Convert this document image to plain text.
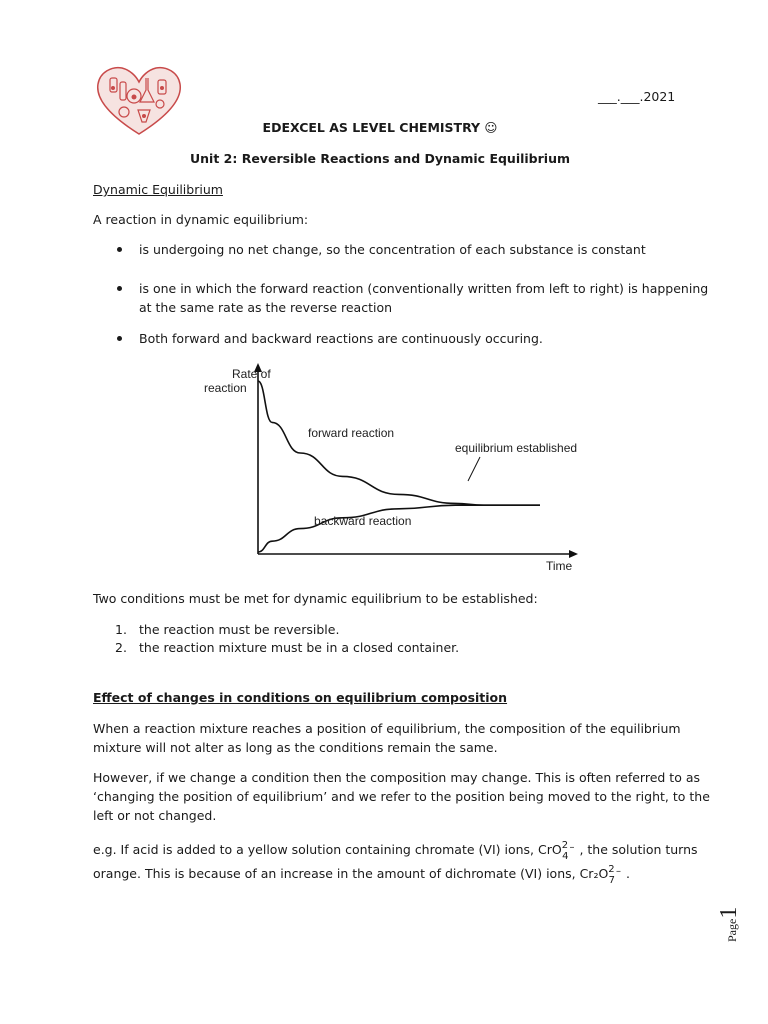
___.___.2021
EDEXCEL AS LEVEL CHEMISTRY ☺
Unit 2: Reversible Reactions and Dynamic Equilibrium
Dynamic Equilibrium
A reaction in dynamic equilibrium:
is undergoing no net change, so the concentration of each substance is constant
is one in which the forward reaction (conventionally written from left to right) is happening
at the same rate as the reverse reaction
Both forward and backward reactions are continuously occuring.
Rate of
reaction
Time
forward reaction
backward reaction
equilibrium established
Two conditions must be met for dynamic equilibrium to be established:
1. the reaction must be reversible.
2. the reaction mixture must be in a closed container.
Effect of changes in conditions on equilibrium composition
When a reaction mixture reaches a position of equilibrium, the composition of the equilibrium
mixture will not alter as long as the conditions remain the same.
However, if we change a condition then the composition may change. This is often referred to as
‘changing the position of equilibrium’ and we refer to the position being moved to the right, to the
left or not changed.
e.g. If acid is added to a yellow solution containing chromate (VI) ions, CrO$^2_4$– , the solution turns
orange. This is because of an increase in the amount of dichromate (VI) ions, $Cr_2O^2_7^-$ .
Page1
